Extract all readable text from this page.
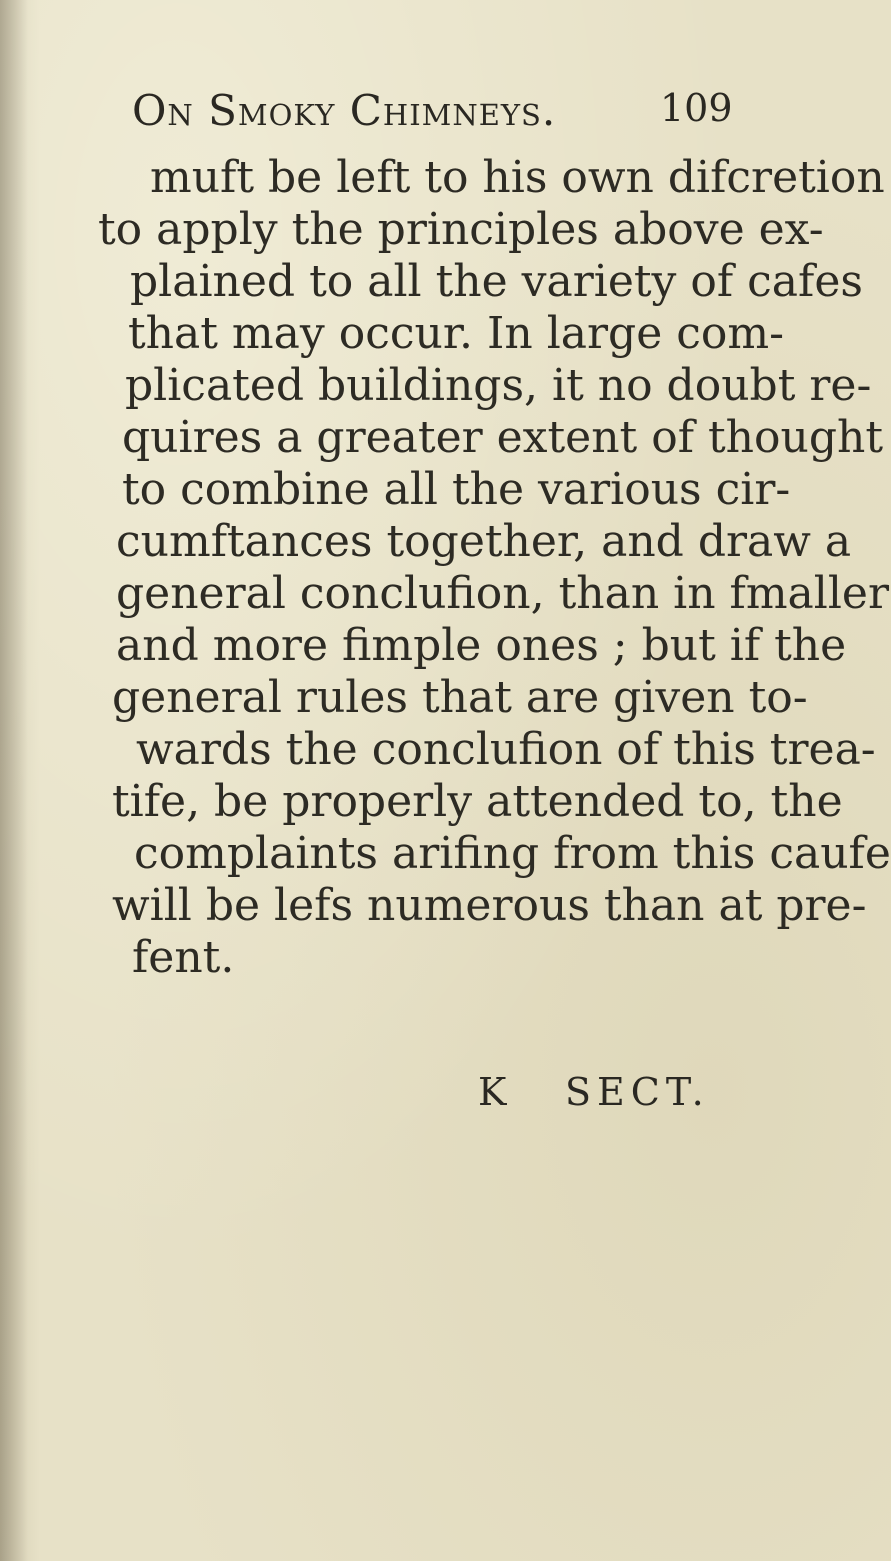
On Smoky Chimneys.	109
muft be left to his own difcretion
to apply the principles above ex-
plained to all the variety of cafes
that may occur. In large com-
plicated buildings, it no doubt re-
quires a greater extent of thought
to combine all the various cir-
cumftances together, and draw a
general conclufion, than in fmaller
and more fimple ones ; but if the
general rules that are given to-
wards the conclufion of this trea-
tife, be properly attended to, the
complaints arifing from this caufe
will be lefs numerous than at pre-
fent.
K SECT.
